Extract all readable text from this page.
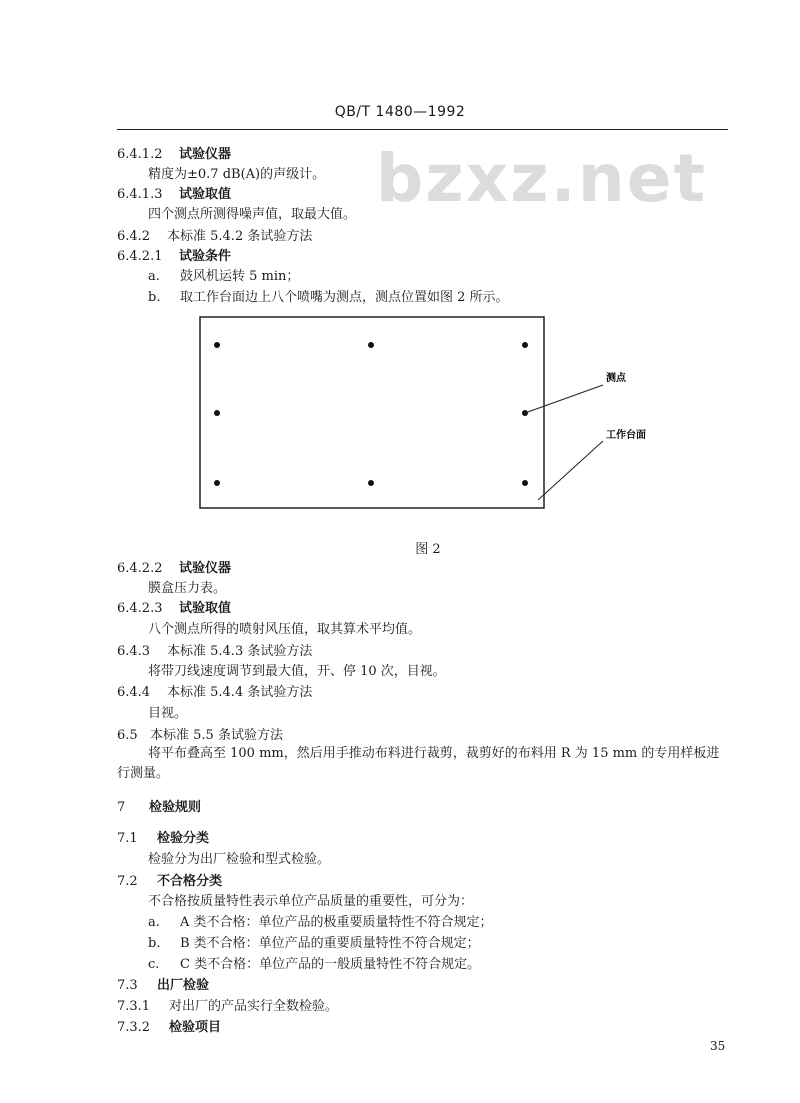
QB/T 1480—1992
bzxz.net
6.4.1.2 试验仪器
精度为±0.7 dB(A)的声级计。
6.4.1.3 试验取值
四个测点所测得噪声值，取最大值。
6.4.2 本标准 5.4.2 条试验方法
6.4.2.1 试验条件
a. 鼓风机运转 5 min；
b. 取工作台面边上八个喷嘴为测点，测点位置如图 2 所示。
测点
工作台面
图 2
6.4.2.2 试验仪器
膜盒压力表。
6.4.2.3 试验取值
八个测点所得的喷射风压值，取其算术平均值。
6.4.3 本标准 5.4.3 条试验方法
将带刀线速度调节到最大值，开、停 10 次，目视。
6.4.4 本标准 5.4.4 条试验方法
目视。
6.5 本标准 5.5 条试验方法
将平布叠高至 100 mm，然后用手推动布料进行裁剪，裁剪好的布料用 R 为 15 mm 的专用样板进行测量。
7 检验规则
7.1 检验分类
检验分为出厂检验和型式检验。
7.2 不合格分类
不合格按质量特性表示单位产品质量的重要性，可分为：
a. A 类不合格：单位产品的极重要质量特性不符合规定；
b. B 类不合格：单位产品的重要质量特性不符合规定；
c. C 类不合格：单位产品的一般质量特性不符合规定。
7.3 出厂检验
7.3.1 对出厂的产品实行全数检验。
7.3.2 检验项目
35
